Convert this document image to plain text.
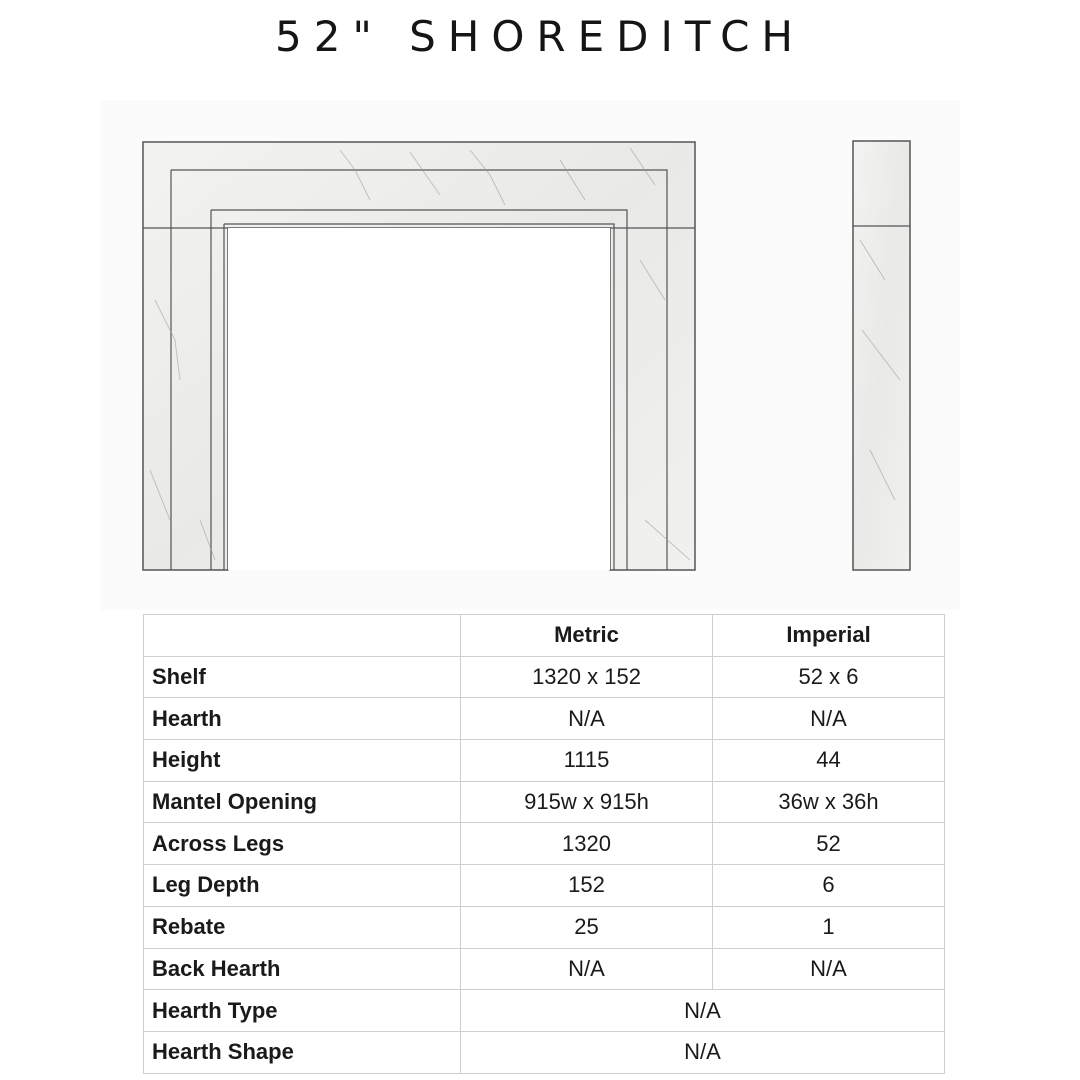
52" SHOREDITCH
	Metric	Imperial
Shelf	1320 x 152	52 x 6
Hearth	N/A	N/A
Height	1115	44
Mantel Opening	915w x 915h	36w x 36h
Across Legs	1320	52
Leg Depth	152	6
Rebate	25	1
Back Hearth	N/A	N/A
Hearth Type	N/A	
Hearth Shape	N/A	
